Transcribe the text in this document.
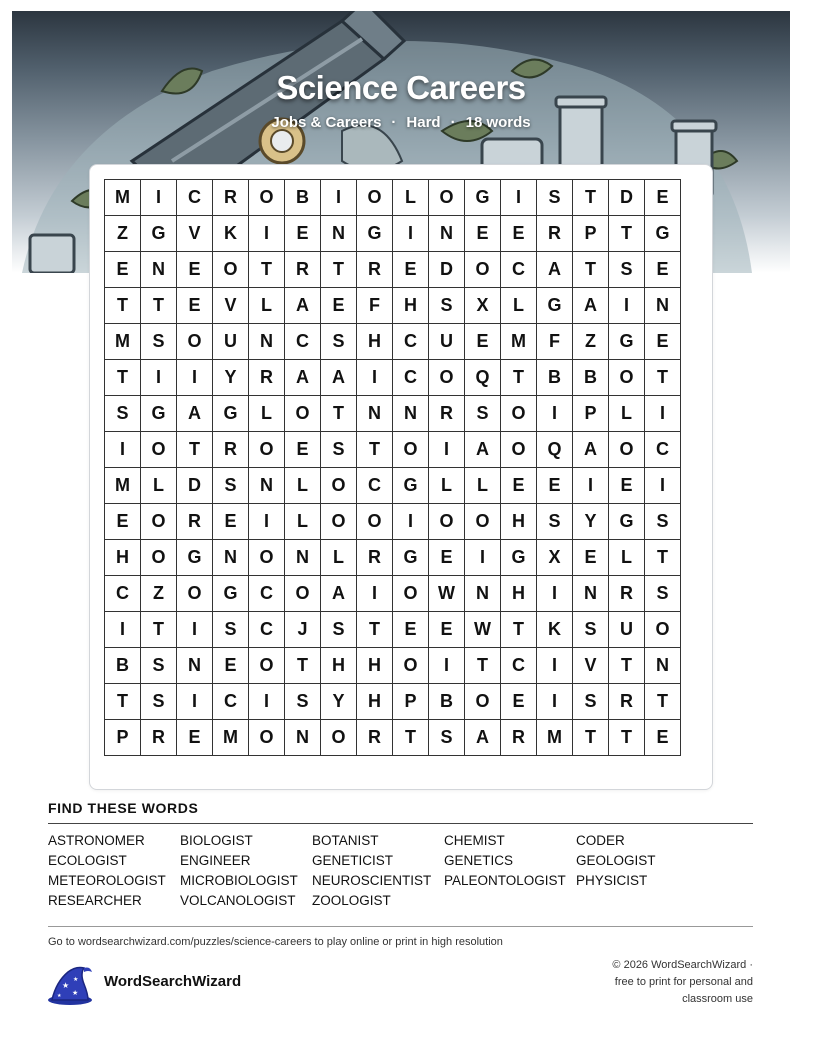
Science Careers
Jobs & Careers · Hard · 18 words
M	I	C	R	O	B	I	O	L	O	G	I	S	T	D	E
Z	G	V	K	I	E	N	G	I	N	E	E	R	P	T	G
E	N	E	O	T	R	T	R	E	D	O	C	A	T	S	E
T	T	E	V	L	A	E	F	H	S	X	L	G	A	I	N
M	S	O	U	N	C	S	H	C	U	E	M	F	Z	G	E
T	I	I	Y	R	A	A	I	C	O	Q	T	B	B	O	T
S	G	A	G	L	O	T	N	N	R	S	O	I	P	L	I
I	O	T	R	O	E	S	T	O	I	A	O	Q	A	O	C
M	L	D	S	N	L	O	C	G	L	L	E	E	I	E	I
E	O	R	E	I	L	O	O	I	O	O	H	S	Y	G	S
H	O	G	N	O	N	L	R	G	E	I	G	X	E	L	T
C	Z	O	G	C	O	A	I	O	W	N	H	I	N	R	S
I	T	I	S	C	J	S	T	E	E	W	T	K	S	U	O
B	S	N	E	O	T	H	H	O	I	T	C	I	V	T	N
T	S	I	C	I	S	Y	H	P	B	O	E	I	S	R	T
P	R	E	M	O	N	O	R	T	S	A	R	M	T	T	E
FIND THESE WORDS
ASTRONOMER	BIOLOGIST	BOTANIST	CHEMIST	CODER
ECOLOGIST	ENGINEER	GENETICIST	GENETICS	GEOLOGIST
METEOROLOGIST	MICROBIOLOGIST	NEUROSCIENTIST PALEONTOLOGIST PHYSICIST
RESEARCHER	VOLCANOLOGIST	ZOOLOGIST
Go to wordsearchwizard.com/puzzles/science-careers to play online or print in high resolution
★
★
★
★
WordSearchWizard
© 2026 WordSearchWizard ·
free to print for personal and
classroom use
